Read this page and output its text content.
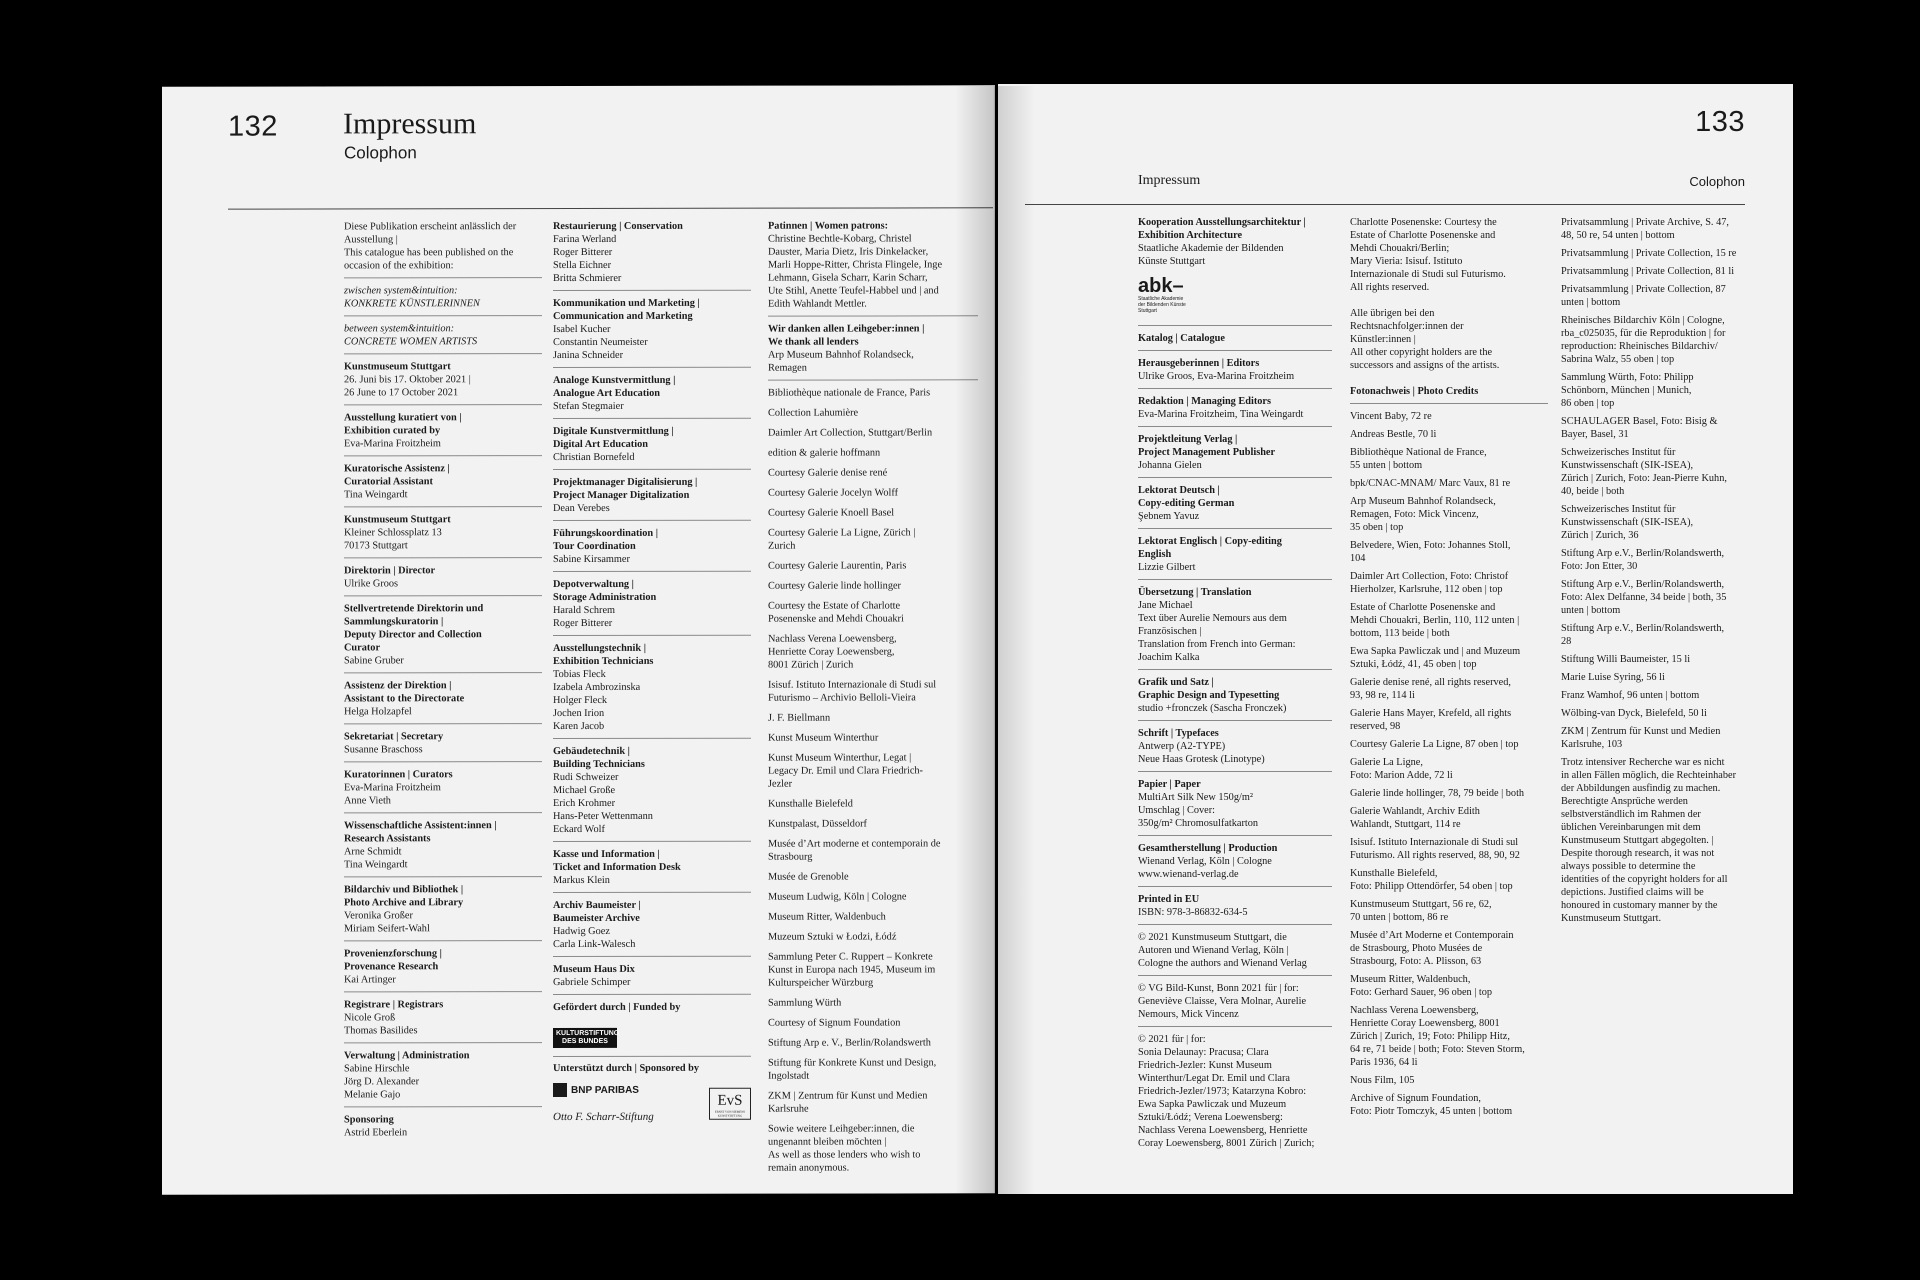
132 Impressum
Colophon
Diese Publikation erscheint anlässlich der
Ausstellung |
This catalogue has been published on the
occasion of the exhibition:
zwischen system&intuition:
KONKRETE KÜNSTLERINNEN
between system&intuition:
CONCRETE WOMEN ARTISTS
Kunstmuseum Stuttgart
26. Juni bis 17. Oktober 2021 |
26 June to 17 October 2021
Ausstellung kuratiert von |
Exhibition curated by
Eva-Marina Froitzheim
Kuratorische Assistenz |
Curatorial Assistant
Tina Weingardt
Kunstmuseum Stuttgart
Kleiner Schlossplatz 13
70173 Stuttgart
Direktorin | Director
Ulrike Groos
Stellvertretende Direktorin und
Sammlungskuratorin |
Deputy Director and Collection
Curator
Sabine Gruber
Assistenz der Direktion |
Assistant to the Directorate
Helga Holzapfel
Sekretariat | Secretary
Susanne Braschoss
Kuratorinnen | Curators
Eva-Marina Froitzheim
Anne Vieth
Wissenschaftliche Assistent:innen |
Research Assistants
Arne Schmidt
Tina Weingardt
Bildarchiv und Bibliothek |
Photo Archive and Library
Veronika Großer
Miriam Seifert-Wahl
Provenienzforschung |
Provenance Research
Kai Artinger
Registrare | Registrars
Nicole Groß
Thomas Basilides
Verwaltung | Administration
Sabine Hirschle
Jörg D. Alexander
Melanie Gajo
Sponsoring
Astrid Eberlein
Restaurierung | Conservation
Farina Werland
Roger Bitterer
Stella Eichner
Britta Schmierer
Kommunikation und Marketing |
Communication and Marketing
Isabel Kucher
Constantin Neumeister
Janina Schneider
Analoge Kunstvermittlung |
Analogue Art Education
Stefan Stegmaier
Digitale Kunstvermittlung |
Digital Art Education
Christian Bornefeld
Projektmanager Digitalisierung |
Project Manager Digitalization
Dean Verebes
Führungskoordination |
Tour Coordination
Sabine Kirsammer
Depotverwaltung |
Storage Administration
Harald Schrem
Roger Bitterer
Ausstellungstechnik |
Exhibition Technicians
Tobias Fleck
Izabela Ambrozinska
Holger Fleck
Jochen Irion
Karen Jacob
Gebäudetechnik |
Building Technicians
Rudi Schweizer
Michael Große
Erich Krohmer
Hans-Peter Wettenmann
Eckard Wolf
Kasse und Information |
Ticket and Information Desk
Markus Klein
Archiv Baumeister |
Baumeister Archive
Hadwig Goez
Carla Link-Walesch
Museum Haus Dix
Gabriele Schimper
Gefördert durch | Funded by
KULTURSTIFTUNG DES BUNDES
Unterstützt durch | Sponsored by
BNP PARIBAS
Otto F. Scharr-Stiftung
EvS
ERNST VON SIEMENS KUNSTSTIFTUNG
Patinnen | Women patrons:
Christine Bechtle-Kobarg, Christel
Dauster, Maria Dietz, Iris Dinkelacker,
Marli Hoppe-Ritter, Christa Flingele, Inge
Lehmann, Gisela Scharr, Karin Scharr,
Ute Stihl, Anette Teufel-Habbel und | and
Edith Wahlandt Mettler.
Wir danken allen Leihgeber:innen |
We thank all lenders
Arp Museum Bahnhof Rolandseck,
Remagen
Bibliothèque nationale de France, Paris
Collection Lahumière
Daimler Art Collection, Stuttgart/Berlin
edition & galerie hoffmann
Courtesy Galerie denise rené
Courtesy Galerie Jocelyn Wolff
Courtesy Galerie Knoell Basel
Courtesy Galerie La Ligne, Zürich |
Zurich
Courtesy Galerie Laurentin, Paris
Courtesy Galerie linde hollinger
Courtesy the Estate of Charlotte
Posenenske and Mehdi Chouakri
Nachlass Verena Loewensberg,
Henriette Coray Loewensberg,
8001 Zürich | Zurich
Isisuf. Istituto Internazionale di Studi sul
Futurismo – Archivio Belloli-Vieira
J. F. Biellmann
Kunst Museum Winterthur
Kunst Museum Winterthur, Legat |
Legacy Dr. Emil und Clara Friedrich-
Jezler
Kunsthalle Bielefeld
Kunstpalast, Düsseldorf
Musée d’Art moderne et contemporain de
Strasbourg
Musée de Grenoble
Museum Ludwig, Köln | Cologne
Museum Ritter, Waldenbuch
Muzeum Sztuki w Łodzi, Łódź
Sammlung Peter C. Ruppert – Konkrete
Kunst in Europa nach 1945, Museum im
Kulturspeicher Würzburg
Sammlung Würth
Courtesy of Signum Foundation
Stiftung Arp e. V., Berlin/Rolandswerth
Stiftung für Konkrete Kunst und Design,
Ingolstadt
ZKM | Zentrum für Kunst und Medien
Karlsruhe
Sowie weitere Leihgeber:innen, die
ungenannt bleiben möchten |
As well as those lenders who wish to
remain anonymous.
133
Impressum	Colophon
Kooperation Ausstellungsarchitektur |
Exhibition Architecture
Staatliche Akademie der Bildenden
Künste Stuttgart
abk–
Staatliche Akademie
der Bildenden Künste
Stuttgart
Katalog | Catalogue
Herausgeberinnen | Editors
Ulrike Groos, Eva-Marina Froitzheim
Redaktion | Managing Editors
Eva-Marina Froitzheim, Tina Weingardt
Projektleitung Verlag |
Project Management Publisher
Johanna Gielen
Lektorat Deutsch |
Copy-editing German
Şebnem Yavuz
Lektorat Englisch | Copy-editing
English
Lizzie Gilbert
Übersetzung | Translation
Jane Michael
Text über Aurelie Nemours aus dem
Französischen |
Translation from French into German:
Joachim Kalka
Grafik und Satz |
Graphic Design and Typesetting
studio +fronczek (Sascha Fronczek)
Schrift | Typefaces
Antwerp (A2-TYPE)
Neue Haas Grotesk (Linotype)
Papier | Paper
MultiArt Silk New 150g/m²
Umschlag | Cover:
350g/m² Chromosulfatkarton
Gesamtherstellung | Production
Wienand Verlag, Köln | Cologne
www.wienand-verlag.de
Printed in EU
ISBN: 978-3-86832-634-5
© 2021 Kunstmuseum Stuttgart, die
Autoren und Wienand Verlag, Köln |
Cologne the authors and Wienand Verlag
© VG Bild-Kunst, Bonn 2021 für | for:
Geneviève Claisse, Vera Molnar, Aurelie
Nemours, Mick Vincenz
© 2021 für | for:
Sonia Delaunay: Pracusa; Clara
Friedrich-Jezler: Kunst Museum
Winterthur/Legat Dr. Emil und Clara
Friedrich-Jezler/1973; Katarzyna Kobro:
Ewa Sapka Pawliczak und Muzeum
Sztuki/Łódź; Verena Loewensberg:
Nachlass Verena Loewensberg, Henriette
Coray Loewensberg, 8001 Zürich | Zurich;
Charlotte Posenenske: Courtesy the
Estate of Charlotte Posenenske and
Mehdi Chouakri/Berlin;
Mary Vieria: Isisuf. Istituto
Internazionale di Studi sul Futurismo.
All rights reserved.
Alle übrigen bei den
Rechtsnachfolger:innen der
Künstler:innen |
All other copyright holders are the
successors and assigns of the artists.
Fotonachweis | Photo Credits
Vincent Baby, 72 re
Andreas Bestle, 70 li
Bibliothèque National de France,
55 unten | bottom
bpk/CNAC-MNAM/ Marc Vaux, 81 re
Arp Museum Bahnhof Rolandseck,
Remagen, Foto: Mick Vincenz,
35 oben | top
Belvedere, Wien, Foto: Johannes Stoll,
104
Daimler Art Collection, Foto: Christof
Hierholzer, Karlsruhe, 112 oben | top
Estate of Charlotte Posenenske and
Mehdi Chouakri, Berlin, 110, 112 unten |
bottom, 113 beide | both
Ewa Sapka Pawliczak und | and Muzeum
Sztuki, Łódź, 41, 45 oben | top
Galerie denise rené, all rights reserved,
93, 98 re, 114 li
Galerie Hans Mayer, Krefeld, all rights
reserved, 98
Courtesy Galerie La Ligne, 87 oben | top
Galerie La Ligne,
Foto: Marion Adde, 72 li
Galerie linde hollinger, 78, 79 beide | both
Galerie Wahlandt, Archiv Edith
Wahlandt, Stuttgart, 114 re
Isisuf. Istituto Internazionale di Studi sul
Futurismo. All rights reserved, 88, 90, 92
Kunsthalle Bielefeld,
Foto: Philipp Ottendörfer, 54 oben | top
Kunstmuseum Stuttgart, 56 re, 62,
70 unten | bottom, 86 re
Musée d’Art Moderne et Contemporain
de Strasbourg, Photo Musées de
Strasbourg, Foto: A. Plisson, 63
Museum Ritter, Waldenbuch,
Foto: Gerhard Sauer, 96 oben | top
Nachlass Verena Loewensberg,
Henriette Coray Loewensberg, 8001
Zürich | Zurich, 19; Foto: Philipp Hitz,
64 re, 71 beide | both; Foto: Steven Storm,
Paris 1936, 64 li
Nous Film, 105
Archive of Signum Foundation,
Foto: Piotr Tomczyk, 45 unten | bottom
Privatsammlung | Private Archive, S. 47,
48, 50 re, 54 unten | bottom
Privatsammlung | Private Collection, 15 re
Privatsammlung | Private Collection, 81 li
Privatsammlung | Private Collection, 87
unten | bottom
Rheinisches Bildarchiv Köln | Cologne,
rba_c025035, für die Reproduktion | for
reproduction: Rheinisches Bildarchiv/
Sabrina Walz, 55 oben | top
Sammlung Würth, Foto: Philipp
Schönborn, München | Munich,
86 oben | top
SCHAULAGER Basel, Foto: Bisig &
Bayer, Basel, 31
Schweizerisches Institut für
Kunstwissenschaft (SIK-ISEA),
Zürich | Zurich, Foto: Jean-Pierre Kuhn,
40, beide | both
Schweizerisches Institut für
Kunstwissenschaft (SIK-ISEA),
Zürich | Zurich, 36
Stiftung Arp e.V., Berlin/Rolandswerth,
Foto: Jon Etter, 30
Stiftung Arp e.V., Berlin/Rolandswerth,
Foto: Alex Delfanne, 34 beide | both, 35
unten | bottom
Stiftung Arp e.V., Berlin/Rolandswerth,
28
Stiftung Willi Baumeister, 15 li
Marie Luise Syring, 56 li
Franz Wamhof, 96 unten | bottom
Wölbing-van Dyck, Bielefeld, 50 li
ZKM | Zentrum für Kunst und Medien
Karlsruhe, 103
Trotz intensiver Recherche war es nicht
in allen Fällen möglich, die Rechteinhaber
der Abbildungen ausfindig zu machen.
Berechtigte Ansprüche werden
selbstverständlich im Rahmen der
üblichen Vereinbarungen mit dem
Kunstmuseum Stuttgart abgegolten. |
Despite thorough research, it was not
always possible to determine the
identities of the copyright holders for all
depictions. Justified claims will be
honoured in customary manner by the
Kunstmuseum Stuttgart.
